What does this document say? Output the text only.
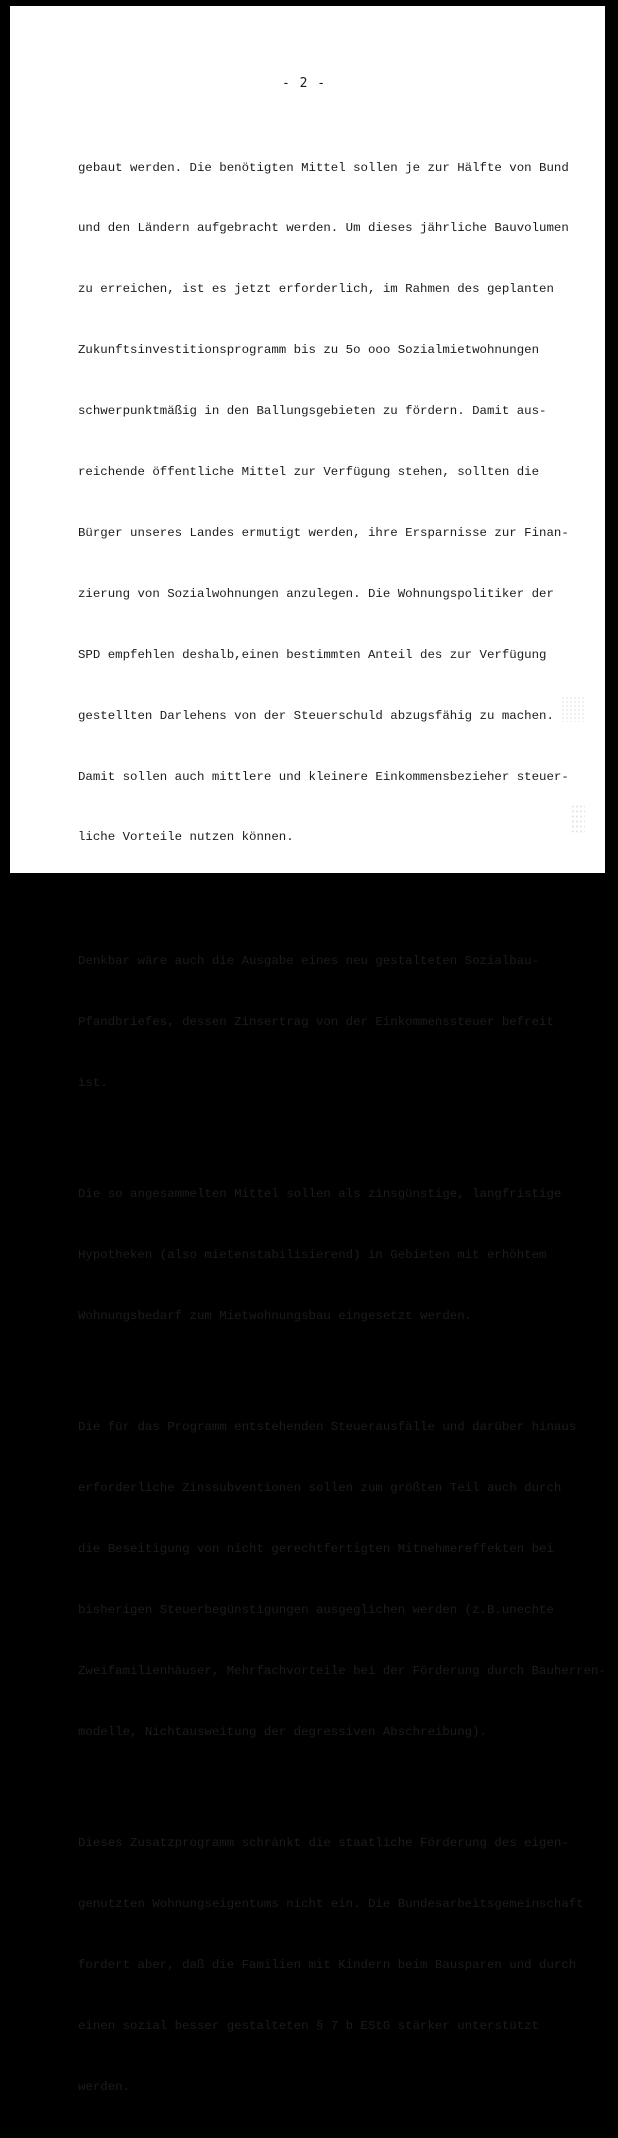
- 2 -

gebaut werden. Die benötigten Mittel sollen je zur Hälfte von Bund

und den Ländern aufgebracht werden. Um dieses jährliche Bauvolumen

zu erreichen, ist es jetzt erforderlich, im Rahmen des geplanten

Zukunftsinvestitionsprogramm bis zu 5o ooo Sozialmietwohnungen

schwerpunktmäßig in den Ballungsgebieten zu fördern. Damit aus-

reichende öffentliche Mittel zur Verfügung stehen, sollten die

Bürger unseres Landes ermutigt werden, ihre Ersparnisse zur Finan-

zierung von Sozialwohnungen anzulegen. Die Wohnungspolitiker der

SPD empfehlen deshalb,einen bestimmten Anteil des zur Verfügung

gestellten Darlehens von der Steuerschuld abzugsfähig zu machen.

Damit sollen auch mittlere und kleinere Einkommensbezieher steuer-

liche Vorteile nutzen können.

Denkbar wäre auch die Ausgabe eines neu gestalteten Sozialbau-

Pfandbriefes, dessen Zinsertrag von der Einkommenssteuer befreit

ist.

Die so angesammelten Mittel sollen als zinsgünstige, langfristige

Hypotheken (also mietenstabilisierend) in Gebieten mit erhöhtem

Wohnungsbedarf zum Mietwohnungsbau eingesetzt werden.

Die für das Programm entstehenden Steuerausfälle und darüber hinaus

erforderliche Zinssubventionen sollen zum größten Teil auch durch

die Beseitigung von nicht gerechtfertigten Mitnehmereffekten bei

bisherigen Steuerbegünstigungen ausgeglichen werden (z.B.unechte

Zweifamilienhäuser, Mehrfachvorteile bei der Förderung durch Bauherren-

modelle, Nichtausweitung der degressiven Abschreibung).

Dieses Zusatzprogramm schränkt die staatliche Förderung des eigen-

genutzten Wohnungseigentums nicht ein. Die Bundesarbeitsgemeinschaft

fordert aber, daß die Familien mit Kindern beim Bausparen und durch

einen sozial besser gestalteten § 7 b EStG stärker unterstützt

werden.
